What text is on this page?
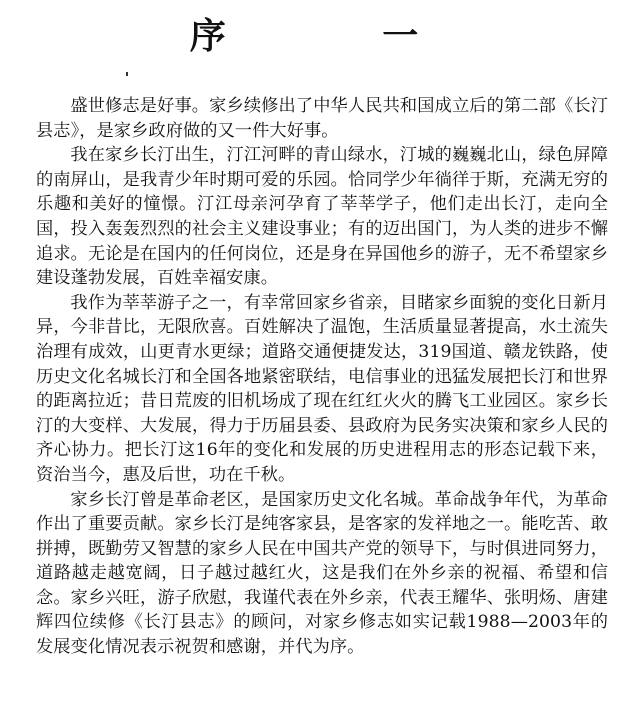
序 一

盛世修志是好事。家乡续修出了中华人民共和国成立后的第二部《长汀县志》，是家乡政府做的又一件大好事。

我在家乡长汀出生，汀江河畔的青山绿水，汀城的巍巍北山，绿色屏障的南屏山，是我青少年时期可爱的乐园。恰同学少年徜徉于斯，充满无穷的乐趣和美好的憧憬。汀江母亲河孕育了莘莘学子，他们走出长汀，走向全国，投入轰轰烈烈的社会主义建设事业；有的迈出国门，为人类的进步不懈追求。无论是在国内的任何岗位，还是身在异国他乡的游子，无不希望家乡建设蓬勃发展，百姓幸福安康。

我作为莘莘游子之一，有幸常回家乡省亲，目睹家乡面貌的变化日新月异，今非昔比，无限欣喜。百姓解决了温饱，生活质量显著提高，水土流失治理有成效，山更青水更绿；道路交通便捷发达，319国道、赣龙铁路，使历史文化名城长汀和全国各地紧密联结，电信事业的迅猛发展把长汀和世界的距离拉近；昔日荒废的旧机场成了现在红红火火的腾飞工业园区。家乡长汀的大变样、大发展，得力于历届县委、县政府为民务实决策和家乡人民的齐心协力。把长汀这16年的变化和发展的历史进程用志的形态记载下来，资治当今，惠及后世，功在千秋。

家乡长汀曾是革命老区，是国家历史文化名城。革命战争年代，为革命作出了重要贡献。家乡长汀是纯客家县，是客家的发祥地之一。能吃苦、敢拼搏，既勤劳又智慧的家乡人民在中国共产党的领导下，与时俱进同努力，道路越走越宽阔，日子越过越红火，这是我们在外乡亲的祝福、希望和信念。家乡兴旺，游子欣慰，我谨代表在外乡亲，代表王耀华、张明炀、唐建辉四位续修《长汀县志》的顾问，对家乡修志如实记载1988—2003年的发展变化情况表示祝贺和感谢，并代为序。
